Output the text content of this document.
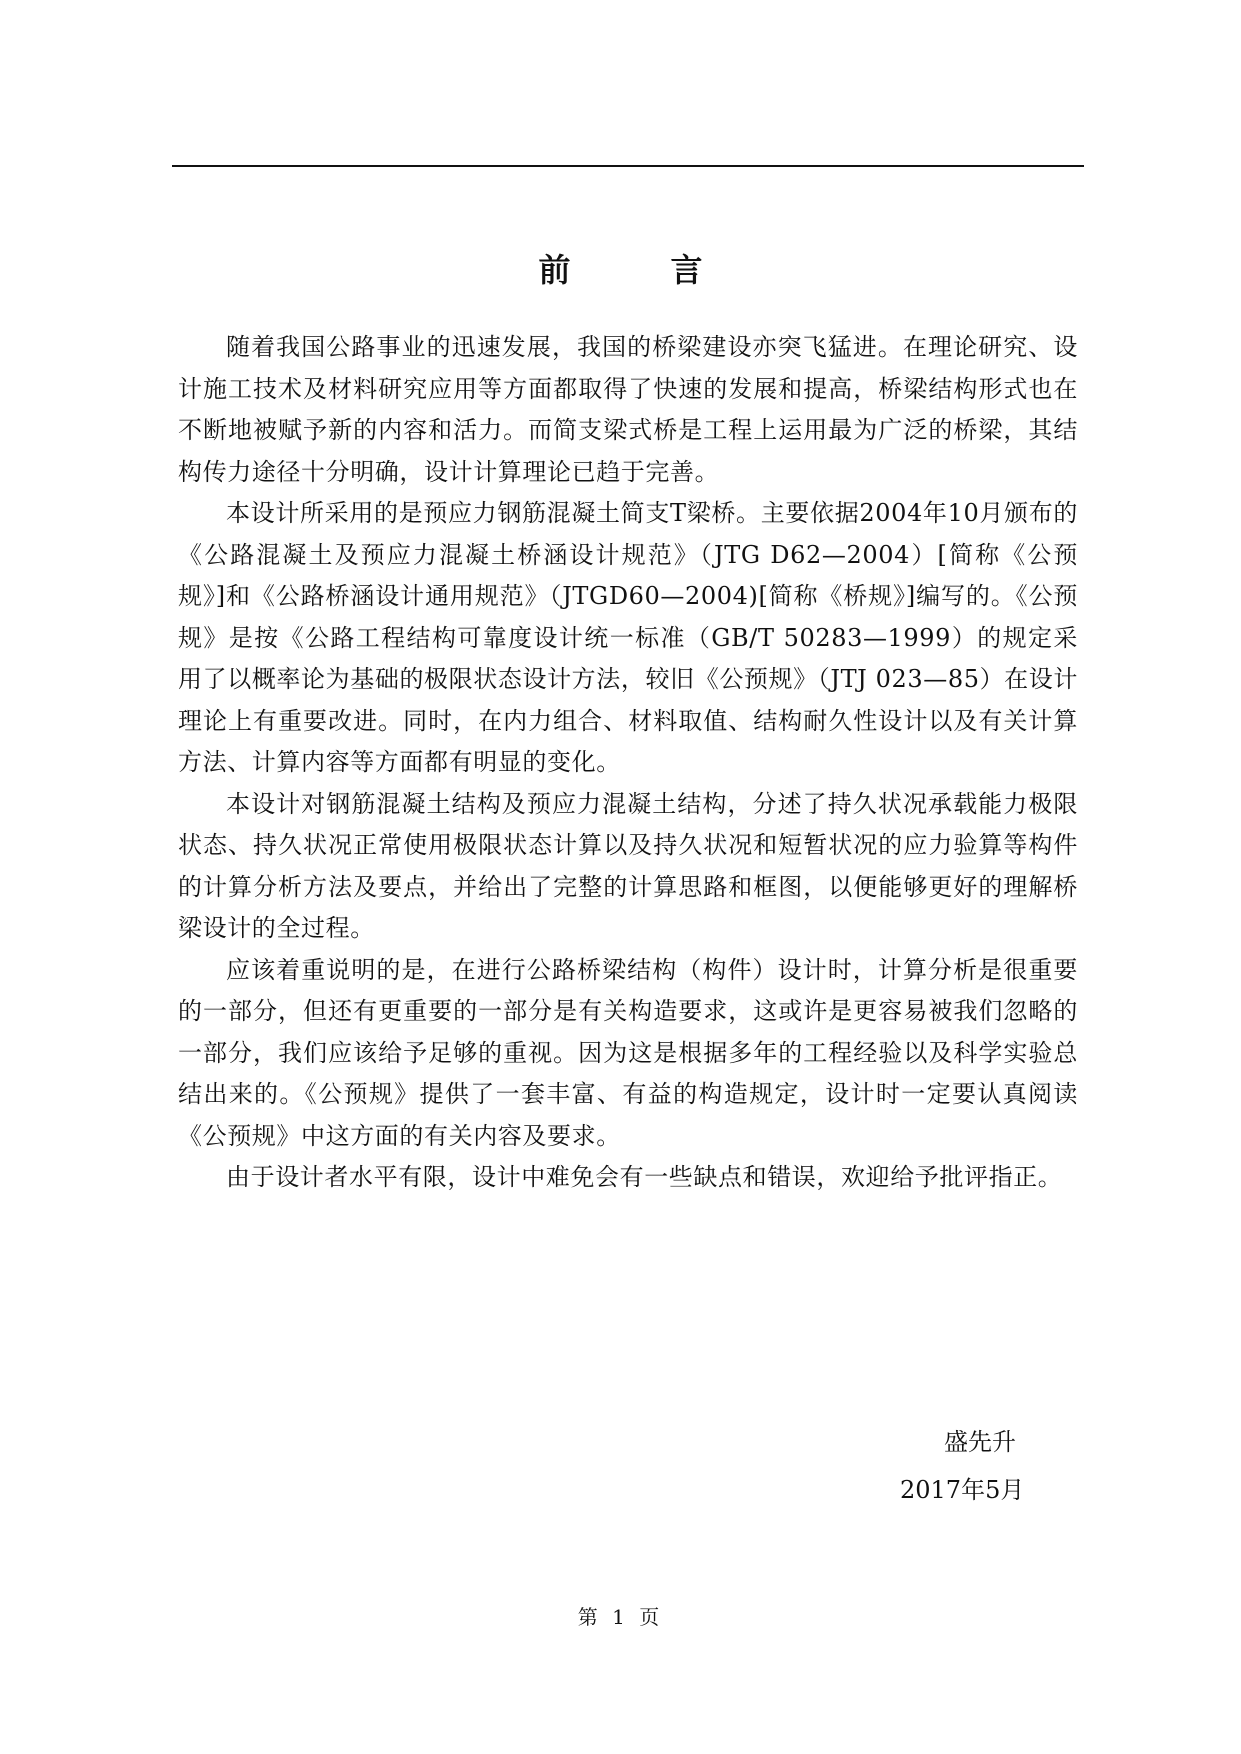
前　言

随着我国公路事业的迅速发展，我国的桥梁建设亦突飞猛进。在理论研究、设计施工技术及材料研究应用等方面都取得了快速的发展和提高，桥梁结构形式也在不断地被赋予新的内容和活力。而简支梁式桥是工程上运用最为广泛的桥梁，其结构传力途径十分明确，设计计算理论已趋于完善。

本设计所采用的是预应力钢筋混凝土简支T梁桥。主要依据2004年10月颁布的《公路混凝土及预应力混凝土桥涵设计规范》（JTG D62—2004）[简称《公预规》]和《公路桥涵设计通用规范》（JTGD60—2004)[简称《桥规》]编写的。《公预规》是按《公路工程结构可靠度设计统一标准（GB/T 50283—1999）的规定采用了以概率论为基础的极限状态设计方法，较旧《公预规》（JTJ 023—85）在设计理论上有重要改进。同时，在内力组合、材料取值、结构耐久性设计以及有关计算方法、计算内容等方面都有明显的变化。

本设计对钢筋混凝土结构及预应力混凝土结构，分述了持久状况承载能力极限状态、持久状况正常使用极限状态计算以及持久状况和短暂状况的应力验算等构件的计算分析方法及要点，并给出了完整的计算思路和框图，以便能够更好的理解桥梁设计的全过程。

应该着重说明的是，在进行公路桥梁结构（构件）设计时，计算分析是很重要的一部分，但还有更重要的一部分是有关构造要求，这或许是更容易被我们忽略的一部分，我们应该给予足够的重视。因为这是根据多年的工程经验以及科学实验总结出来的。《公预规》提供了一套丰富、有益的构造规定，设计时一定要认真阅读《公预规》中这方面的有关内容及要求。

由于设计者水平有限，设计中难免会有一些缺点和错误，欢迎给予批评指正。

盛先升
2017年5月
第 1 页
